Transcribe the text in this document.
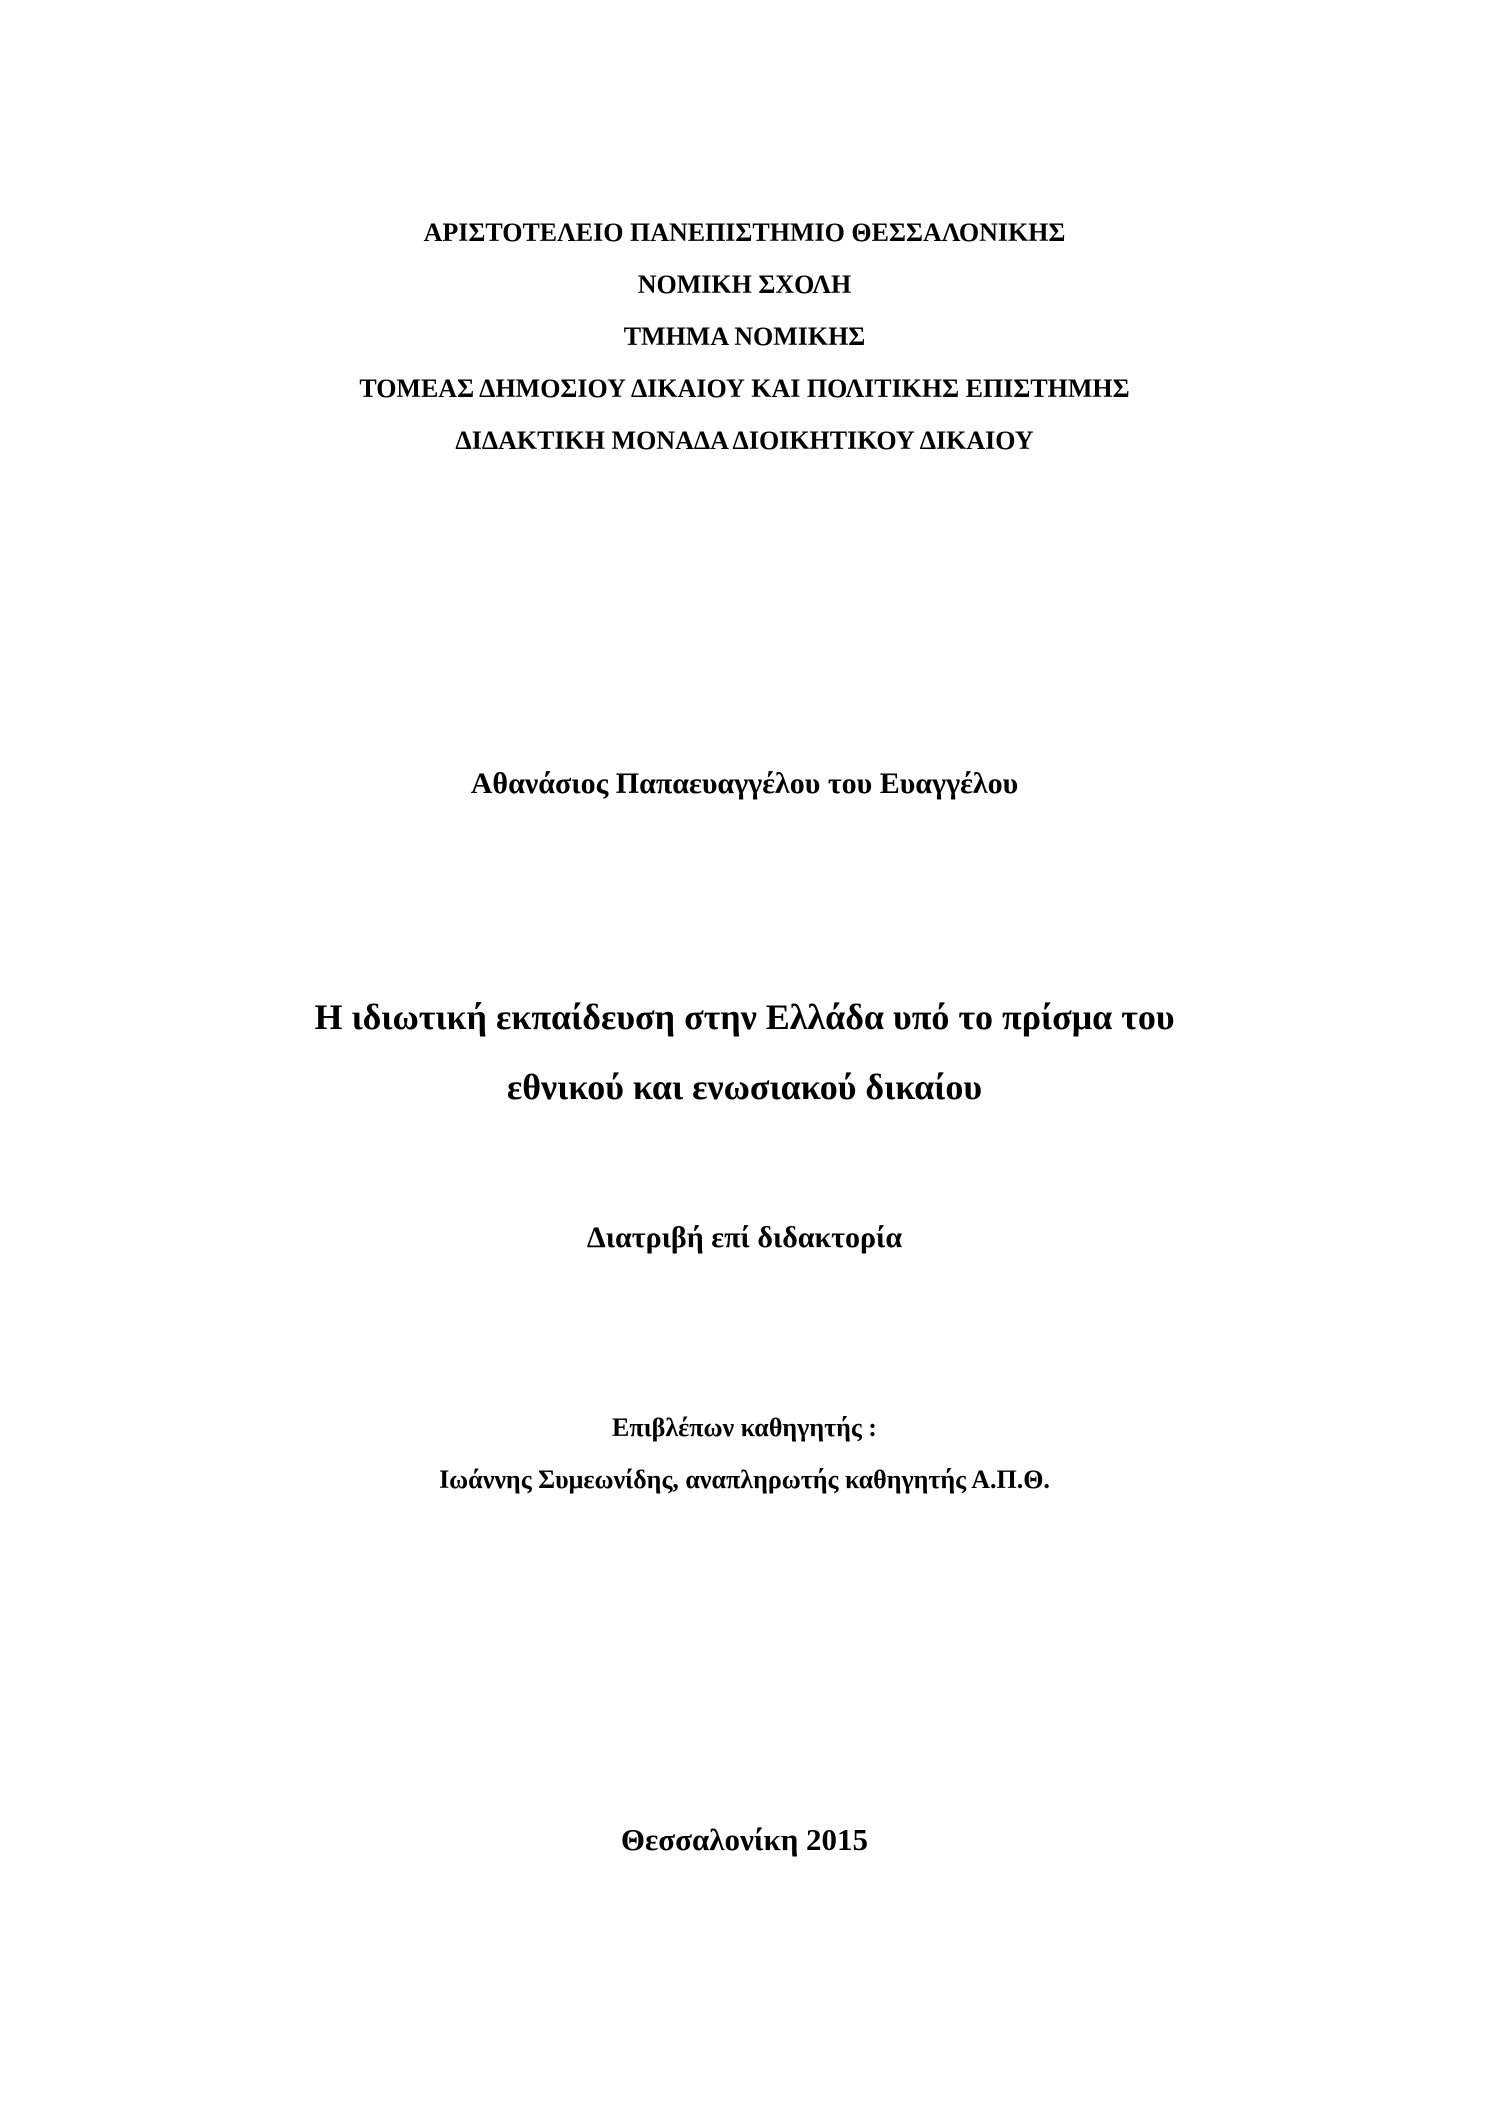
ΑΡΙΣΤΟΤΕΛΕΙΟ ΠΑΝΕΠΙΣΤΗΜΙΟ ΘΕΣΣΑΛΟΝΙΚΗΣ

ΝΟΜΙΚΗ ΣΧΟΛΗ

ΤΜΗΜΑ ΝΟΜΙΚΗΣ

ΤΟΜΕΑΣ ΔΗΜΟΣΙΟΥ ΔΙΚΑΙΟΥ ΚΑΙ ΠΟΛΙΤΙΚΗΣ ΕΠΙΣΤΗΜΗΣ

ΔΙΔΑΚΤΙΚΗ ΜΟΝΑΔΑ ΔΙΟΙΚΗΤΙΚΟΥ ΔΙΚΑΙΟΥ

Αθανάσιος Παπαευαγγέλου του Ευαγγέλου

Η ιδιωτική εκπαίδευση στην Ελλάδα υπό το πρίσμα του

εθνικού και ενωσιακού δικαίου

Διατριβή επί διδακτορία

Επιβλέπων καθηγητής :

Ιωάννης Συμεωνίδης, αναπληρωτής καθηγητής Α.Π.Θ.

Θεσσαλονίκη 2015
